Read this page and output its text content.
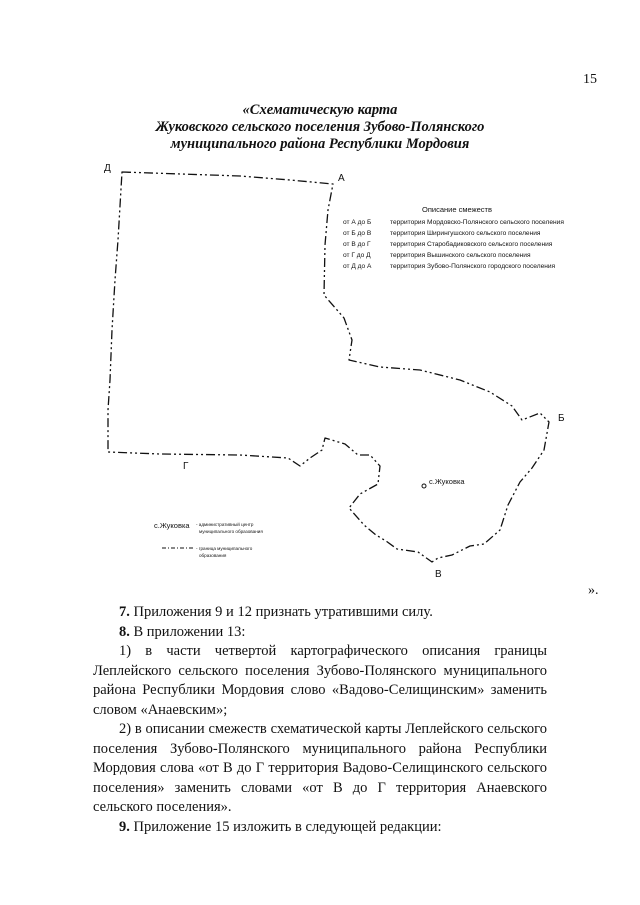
15
«Схематическую карта
Жуковского сельского поселения Зубово-Полянского
муниципального района Республики Мордовия
Д
А
Б
В
Г
Описание смежеств
от А до Б	территория Мордовско-Полянского сельского поселения
от Б до В	территория Ширингушского сельского поселения
от В до Г	территория Старобадиковского сельского поселения
от Г до Д	территория Вышинского сельского поселения
от Д до А	территория Зубово-Полянского городского поселения
с.Жуковка
с.Жуковка - административный центр
муниципального образования
- граница муниципального
образования
».

7. Приложения 9 и 12 признать утратившими силу.

8. В приложении 13:

1) в части четвертой картографического описания границы Леплейского сельского поселения Зубово-Полянского муниципального района Республики Мордовия слово «Вадово-Селищинским» заменить словом «Анаевским»;

2) в описании смежеств схематической карты Леплейского сельского поселения Зубово-Полянского муниципального района Республики Мордовия слова «от В до Г территория Вадово-Селищинского сельского поселения» заменить словами «от В до Г территория Анаевского сельского поселения».

9. Приложение 15 изложить в следующей редакции:
